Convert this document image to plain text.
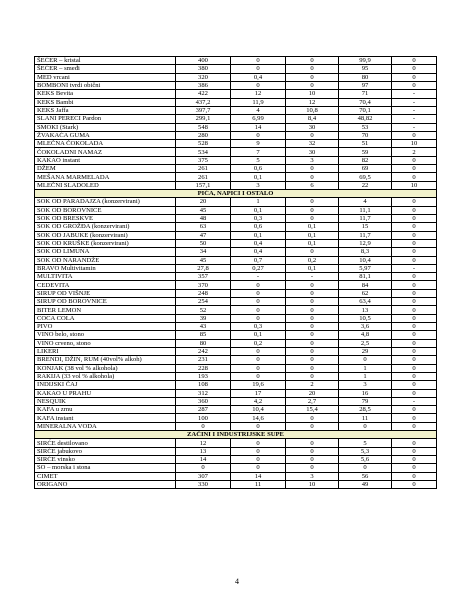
ŠEĆER – kristal	400	0	0	99,9	0
ŠEĆER – smeđi	380	0	0	95	0
MED vrcani	320	0,4	0	80	0
BOMBONI tvrdi obični	386	0	0	97	0
KEKS Bevita	422	12	10	71	-
KEKS Bambi	437,2	11,9	12	70,4	-
KEKS Jaffa	397,7	4	10,8	70,1	-
SLANI PERECI Pardon	299,1	6,99	8,4	48,82	-
SMOKI (Stark)	548	14	30	53	-
ŽVAKAĆA GUMA	280	0	0	70	0
MLEČNA ČOKOLADA	528	9	32	51	10
ČOKOLADNI NAMAZ	534	7	30	59	2
KAKAO instant	375	5	3	82	0
DŽEM	261	0,6	0	69	0
MEŠANA MARMELADA	261	0,1	0	69,5	0
MLEČNI SLADOLED	157,1	3	6	22	10
PIĆA, NAPICI I OSTALO					
SOK OD PARADAJZA (konzervirani)	20	1	0	4	0
SOK OD BOROVNICE	45	0,1	0	11,1	0
SOK OD BRESKVE	48	0,3	0	11,7	0
SOK OD GROŽĐA (konzervirani)	63	0,6	0,1	15	0
SOK OD JABUKE (konzervirani)	47	0,1	0,1	11,7	0
SOK OD KRUŠKE (konzervirani)	50	0,4	0,1	12,9	0
SOK OD LIMUNA	34	0,4	0	8,3	0
SOK OD NARANDŽE	45	0,7	0,2	10,4	0
BRAVO Multivitamin	27,8	0,27	0,1	5,97	-
MULTIVITA	357	-	-	81,1	0
CEDEVITA	370	0	0	84	0
SIRUP OD VIŠNJE	248	0	0	62	0
SIRUP OD BOROVNICE	254	0	0	63,4	0
BITER LEMON	52	0	0	13	0
COCA COLA	39	0	0	10,5	0
PIVO	43	0,3	0	3,6	0
VINO belo, stono	85	0,1	0	4,8	0
VINO crveno, stono	80	0,2	0	2,5	0
LIKERI	242	0	0	29	0
BRENDI, DŽIN, RUM (40vol% alkoh)	231	0	0	0	0
KONJAK (38 vol % alkohola)	228	0	0	1	0
RAKIJA (33 vol % alkohola)	193	0	0	1	0
INDIJSKI ČAJ	108	19,6	2	3	0
KAKAO U PRAHU	312	17	20	16	0
NESQUIK	360	4,2	2,7	79	-
KAFA u zrnu	287	10,4	15,4	28,5	0
KAFA instant	100	14,6	0	11	0
MINERALNA VODA	0	0	0	0	0
ZAČINI I INDUSTRIJSKE SUPE					
SIRĆE destilovano	12	0	0	5	0
SIRĆE jabukovo	13	0	0	5,3	0
SIRĆE vinsko	14	0	0	5,6	0
SO – morska i stona	0	0	0	0	0
CIMET	307	14	3	56	0
ORIGANO	330	11	10	49	0
4
